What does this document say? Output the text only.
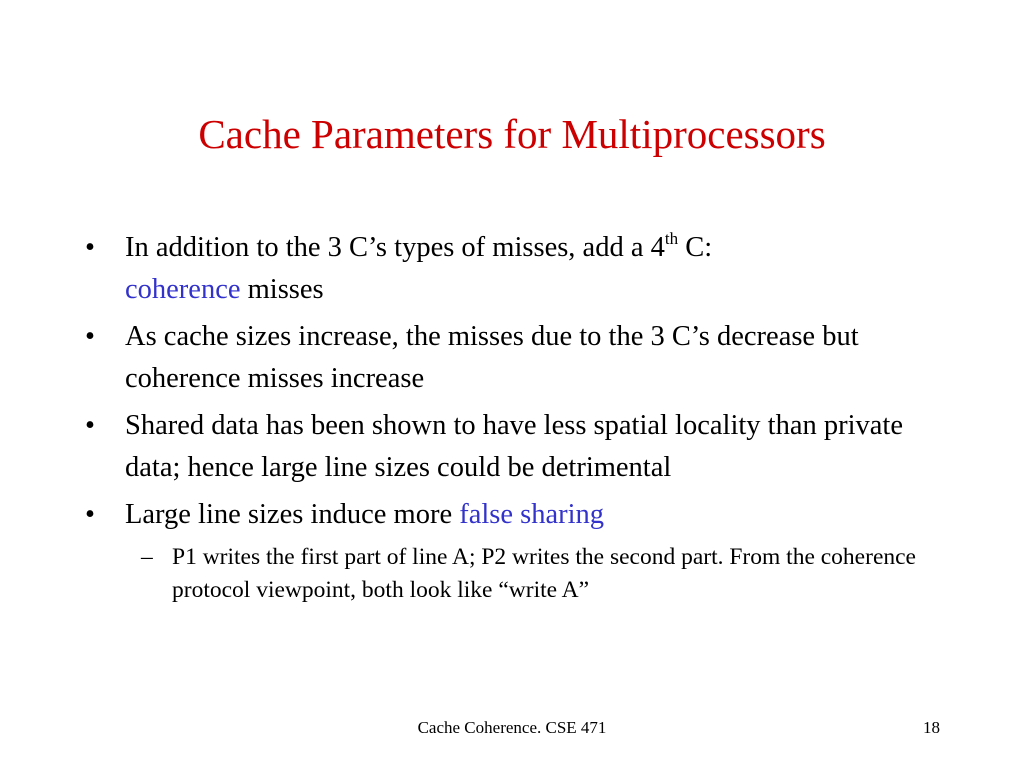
Cache Parameters for Multiprocessors
• In addition to the 3 C’s types of misses, add a 4th C:
coherence misses
• As cache sizes increase, the misses due to the 3 C’s decrease but coherence misses increase
• Shared data has been shown to have less spatial locality than private data; hence large line sizes could be detrimental
• Large line sizes induce more false sharing
– P1 writes the first part of line A; P2 writes the second part. From the coherence protocol viewpoint, both look like “write A”
Cache Coherence. CSE 471	18
